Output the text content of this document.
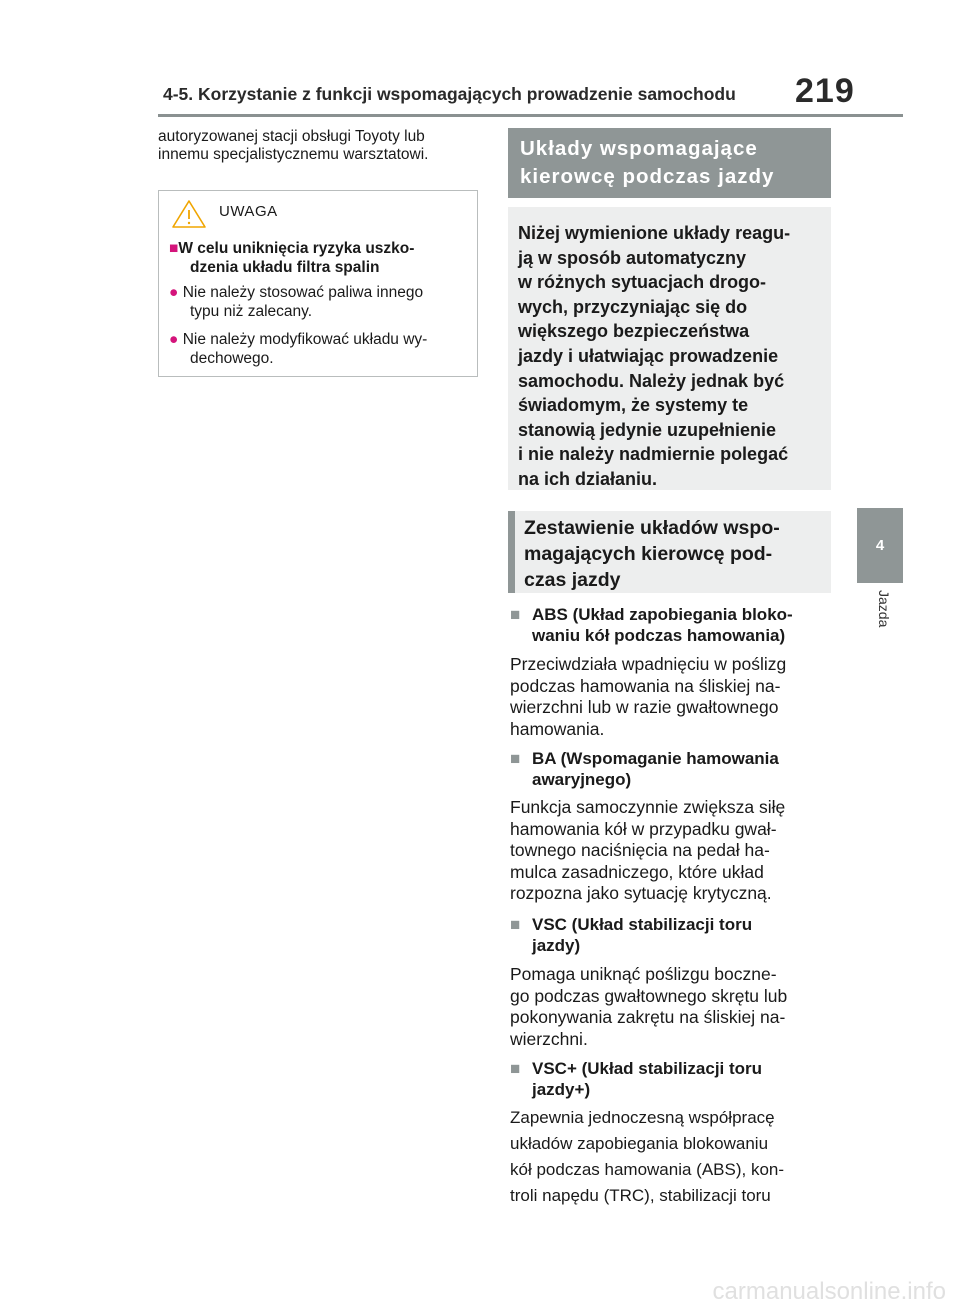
4-5. Korzystanie z funkcji wspomagających prowadzenie samochodu 219

autoryzowanej stacji obsługi Toyoty lub
innemu specjalistycznemu warsztatowi.

UWAGA
■W celu uniknięcia ryzyka uszko-
dzenia układu filtra spalin
● Nie należy stosować paliwa innego
typu niż zalecany.
● Nie należy modyfikować układu wy-
dechowego.
Układy wspomagające
kierowcę podczas jazdy
Niżej wymienione układy reagu-
ją w sposób automatyczny
w różnych sytuacjach drogo-
wych, przyczyniając się do
większego bezpieczeństwa
jazdy i ułatwiając prowadzenie
samochodu. Należy jednak być
świadomym, że systemy te
stanowią jedynie uzupełnienie
i nie należy nadmiernie polegać
na ich działaniu.
Zestawienie układów wspo-
magających kierowcę pod-
czas jazdy
■ ABS (Układ zapobiegania bloko-
waniu kół podczas hamowania)
Przeciwdziała wpadnięciu w poślizg
podczas hamowania na śliskiej na-
wierzchni lub w razie gwałtownego
hamowania.
■ BA (Wspomaganie hamowania
awaryjnego)
Funkcja samoczynnie zwiększa siłę
hamowania kół w przypadku gwał-
townego naciśnięcia na pedał ha-
mulca zasadniczego, które układ
rozpozna jako sytuację krytyczną.
■ VSC (Układ stabilizacji toru
jazdy)
Pomaga uniknąć poślizgu boczne-
go podczas gwałtownego skrętu lub
pokonywania zakrętu na śliskiej na-
wierzchni.
■ VSC+ (Układ stabilizacji toru
jazdy+)
Zapewnia jednoczesną współpracę
układów zapobiegania blokowaniu
kół podczas hamowania (ABS), kon-
troli napędu (TRC), stabilizacji toru
4
Jazda
carmanualsonline.info
